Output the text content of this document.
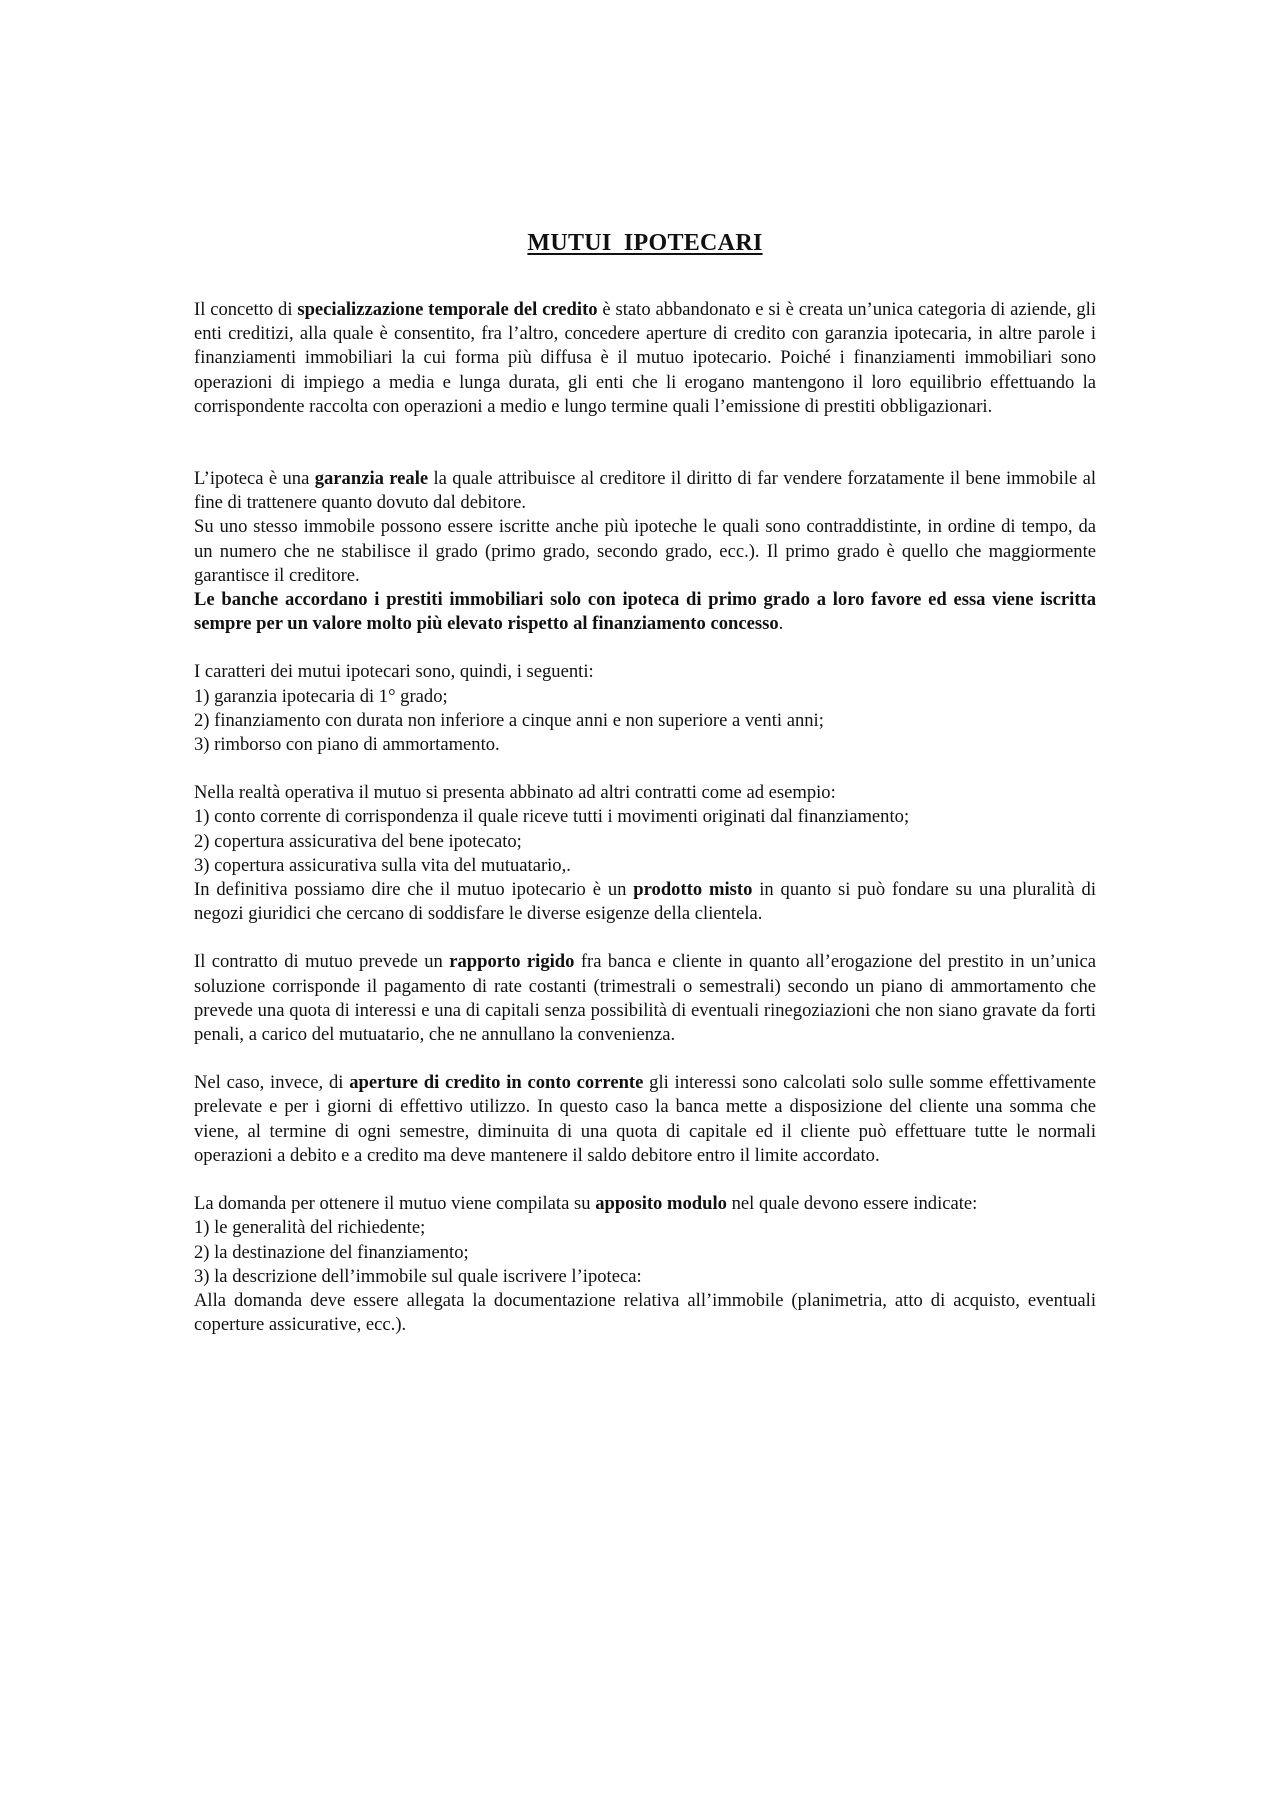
MUTUI IPOTECARI

Il concetto di specializzazione temporale del credito è stato abbandonato e si è creata un’unica categoria di aziende, gli enti creditizi, alla quale è consentito, fra l’altro, concedere aperture di credito con garanzia ipotecaria, in altre parole i finanziamenti immobiliari la cui forma più diffusa è il mutuo ipotecario. Poiché i finanziamenti immobiliari sono operazioni di impiego a media e lunga durata, gli enti che li erogano mantengono il loro equilibrio effettuando la corrispondente raccolta con operazioni a medio e lungo termine quali l’emissione di prestiti obbligazionari.

L’ipoteca è una garanzia reale la quale attribuisce al creditore il diritto di far vendere forzatamente il bene immobile al fine di trattenere quanto dovuto dal debitore.

Su uno stesso immobile possono essere iscritte anche più ipoteche le quali sono contraddistinte, in ordine di tempo, da un numero che ne stabilisce il grado (primo grado, secondo grado, ecc.). Il primo grado è quello che maggiormente garantisce il creditore.

Le banche accordano i prestiti immobiliari solo con ipoteca di primo grado a loro favore ed essa viene iscritta sempre per un valore molto più elevato rispetto al finanziamento concesso.

I caratteri dei mutui ipotecari sono, quindi, i seguenti:

1) garanzia ipotecaria di 1° grado;
2) finanziamento con durata non inferiore a cinque anni e non superiore a venti anni;
3) rimborso con piano di ammortamento.

Nella realtà operativa il mutuo si presenta abbinato ad altri contratti come ad esempio:

1) conto corrente di corrispondenza il quale riceve tutti i movimenti originati dal finanziamento;
2) copertura assicurativa del bene ipotecato;
3) copertura assicurativa sulla vita del mutuatario,.

In definitiva possiamo dire che il mutuo ipotecario è un prodotto misto in quanto si può fondare su una pluralità di negozi giuridici che cercano di soddisfare le diverse esigenze della clientela.

Il contratto di mutuo prevede un rapporto rigido fra banca e cliente in quanto all’erogazione del prestito in un’unica soluzione corrisponde il pagamento di rate costanti (trimestrali o semestrali) secondo un piano di ammortamento che prevede una quota di interessi e una di capitali senza possibilità di eventuali rinegoziazioni che non siano gravate da forti penali, a carico del mutuatario, che ne annullano la convenienza.

Nel caso, invece, di aperture di credito in conto corrente gli interessi sono calcolati solo sulle somme effettivamente prelevate e per i giorni di effettivo utilizzo. In questo caso la banca mette a disposizione del cliente una somma che viene, al termine di ogni semestre, diminuita di una quota di capitale ed il cliente può effettuare tutte le normali operazioni a debito e a credito ma deve mantenere il saldo debitore entro il limite accordato.

La domanda per ottenere il mutuo viene compilata su apposito modulo nel quale devono essere indicate:

1) le generalità del richiedente;
2) la destinazione del finanziamento;
3) la descrizione dell’immobile sul quale iscrivere l’ipoteca:

Alla domanda deve essere allegata la documentazione relativa all’immobile (planimetria, atto di acquisto, eventuali coperture assicurative, ecc.).
